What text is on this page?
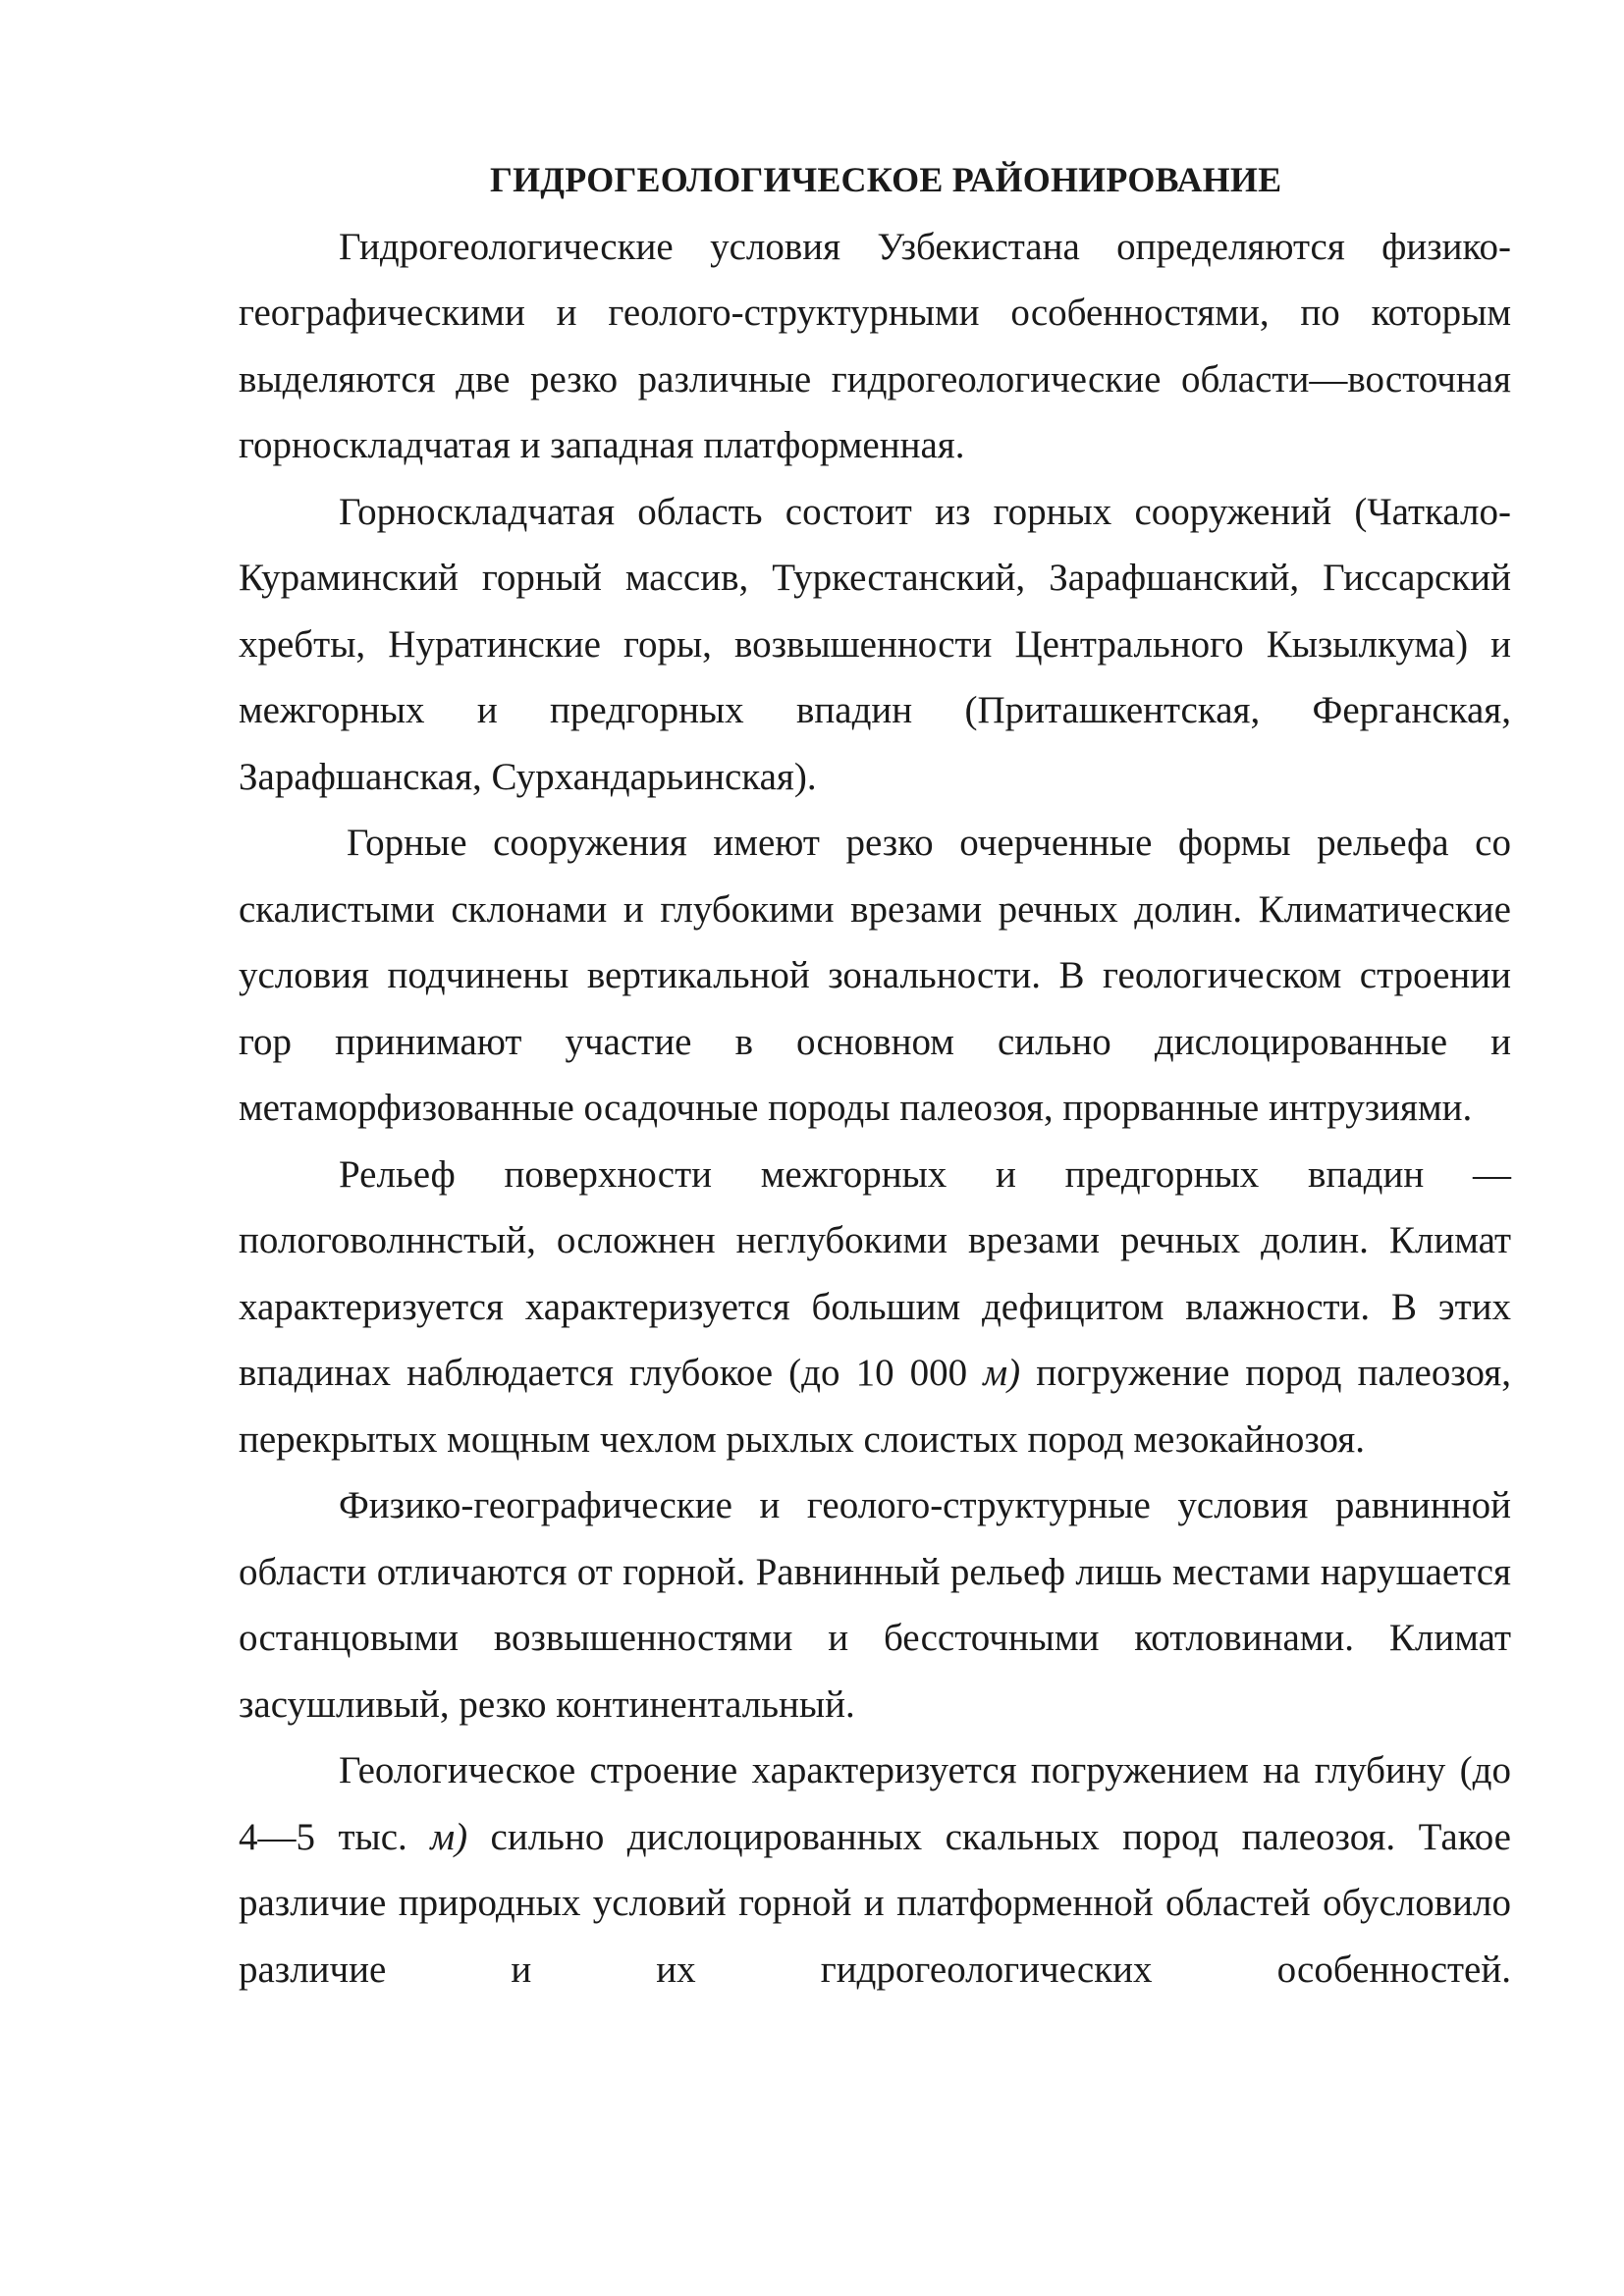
ГИДРОГЕОЛОГИЧЕСКОЕ РАЙОНИРОВАНИЕ

Гидрогеологические условия Узбекистана определяются физико-географическими и геолого-структурными особенностями, по которым выделяются две резко различные гидрогеологические области—восточная горноскладчатая и западная платформенная.

Горноскладчатая область состоит из горных сооружений (Чаткало-Кураминский горный массив, Туркестанский, Зарафшанский, Гиссарский хребты, Нуратинские горы, возвышенности Центрального Кызылкума) и межгорных и предгорных впадин (Приташкентская, Ферганская, Зарафшанская, Сурхандарьинская).

Горные сооружения имеют резко очерченные формы рельефа со скалистыми склонами и глубокими врезами речных долин. Климатические условия подчинены вертикальной зональности. В геологическом строении гор принимают участие в основном сильно дислоцированные и метаморфизованные осадочные породы палеозоя, прорванные интрузиями.

Рельеф поверхности межгорных и предгорных впадин — пологоволннстый, осложнен неглубокими врезами речных долин. Климат характеризуется характеризуется большим дефицитом влажности. В этих впадинах наблюдается глубокое (до 10 000 м) погружение пород палеозоя, перекрытых мощным чехлом рыхлых слоистых пород мезокайнозоя.

Физико-географические и геолого-структурные условия равнинной области отличаются от горной. Равнинный рельеф лишь местами нарушается останцовыми возвышенностями и бессточными котловинами. Климат засушливый, резко континентальный.

Геологическое строение характеризуется погружением на глубину (до 4—5 тыс. м) сильно дислоцированных скальных пород палеозоя. Такое различие природных условий горной и платформенной областей обусловило различие и их гидрогеологических особенностей.
